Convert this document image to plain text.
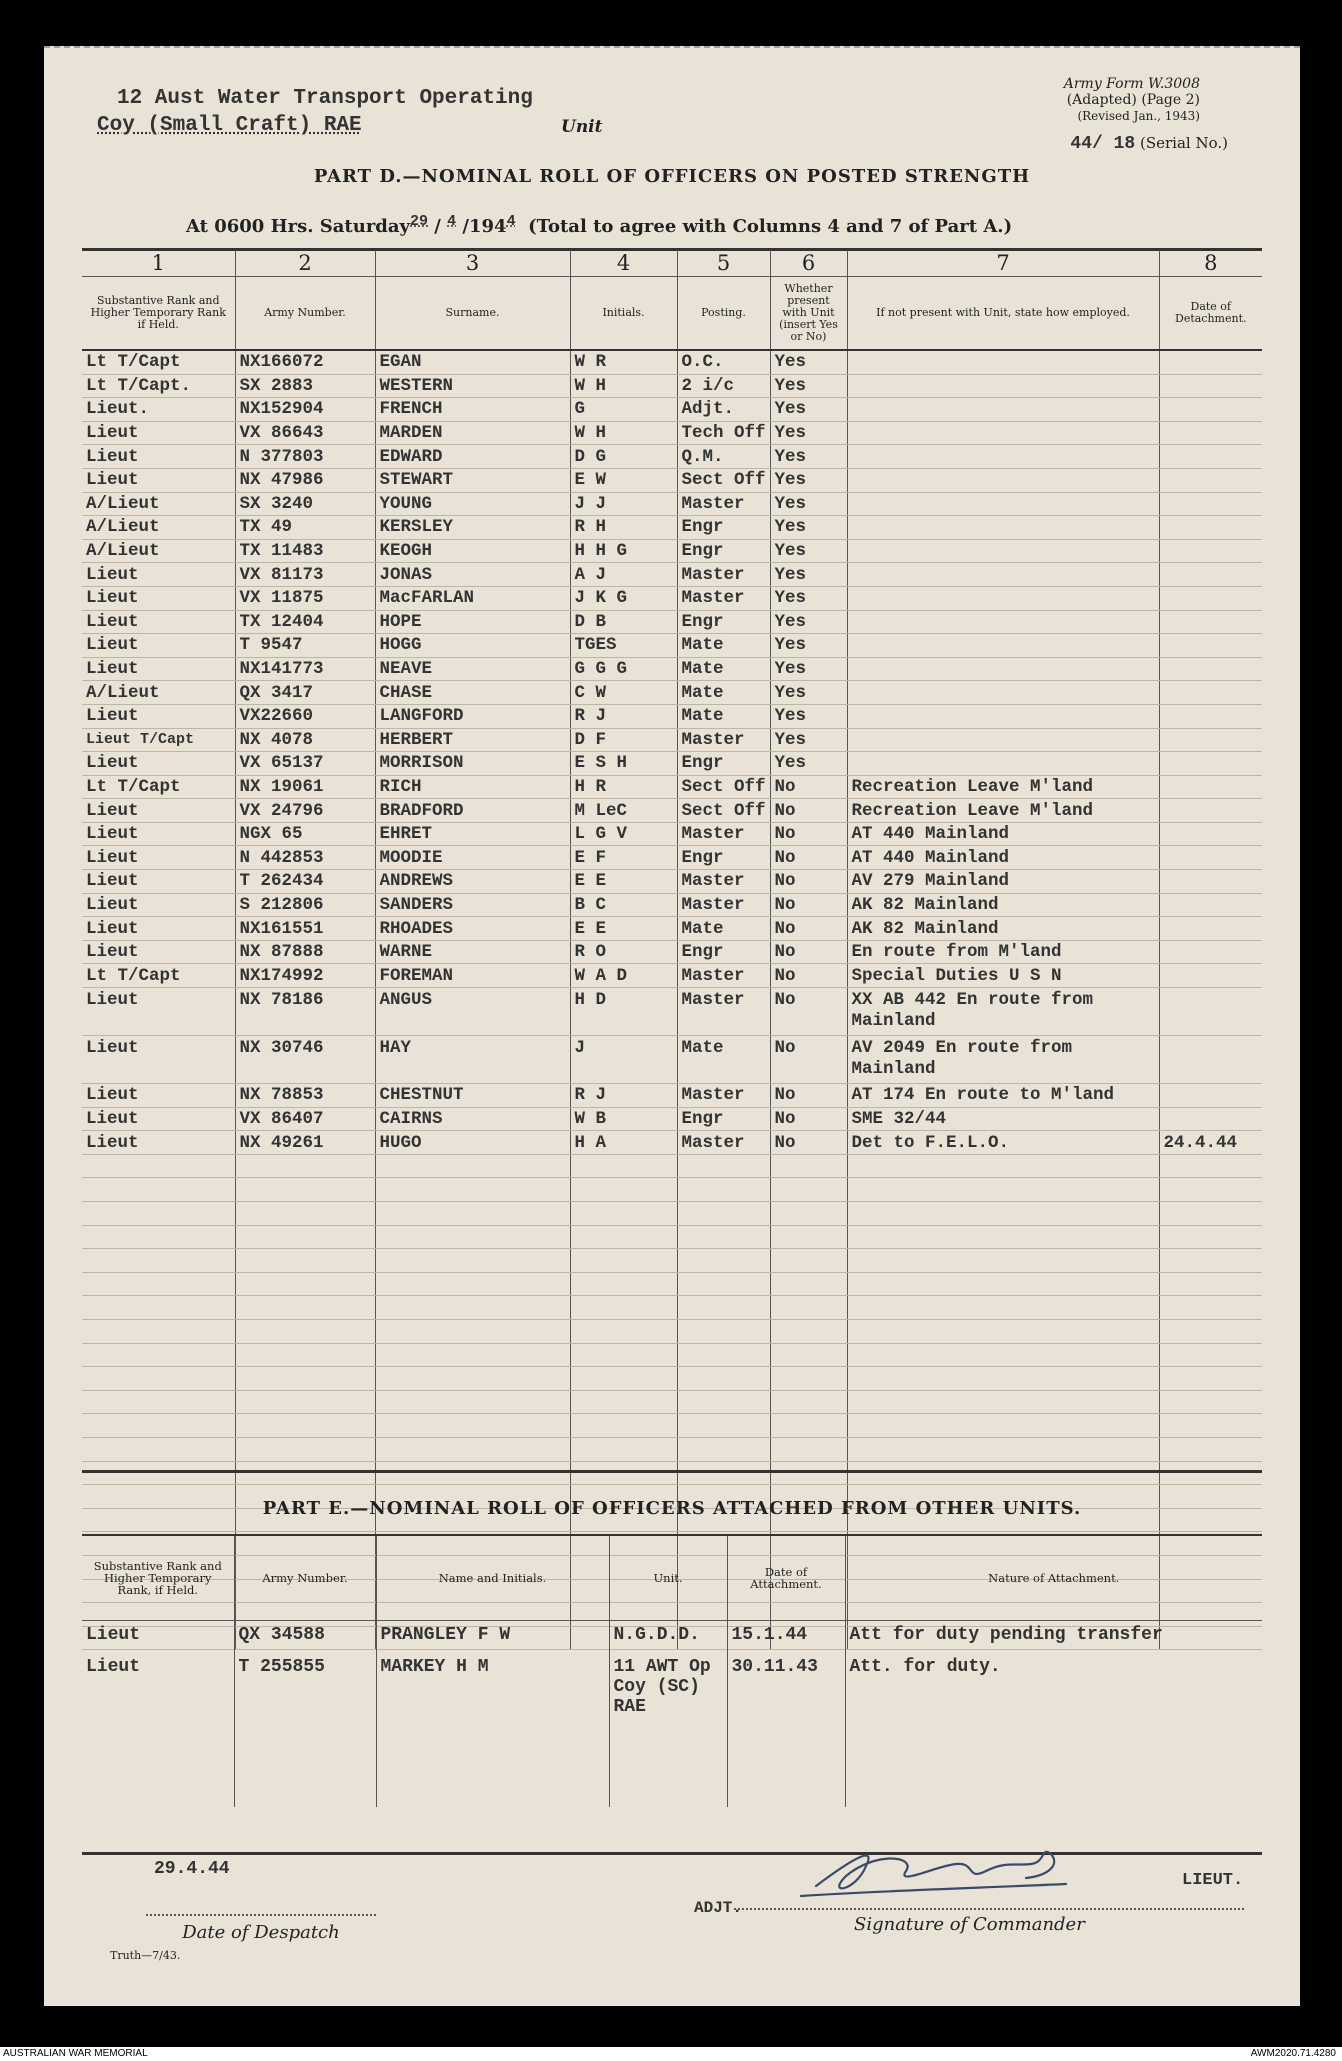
12 Aust Water Transport Operating
Coy (Small Craft) RAE	Unit
Army Form W.3008
(Adapted) (Page 2)
(Revised Jan., 1943)
44/ 18 (Serial No.)
PART D.—NOMINAL ROLL OF OFFICERS ON POSTED STRENGTH
At 0600 Hrs. Saturday$^{29}$ / $^4$ $/194^4$ (Total to agree with Columns 4 and 7 of Part A.)
1	2	3	4	5	6	7	8
Substantive Rank and Higher Temporary Rank if Held.	Army Number.	Surname.	Initials.	Posting.	Whether present with Unit (insert Yes or No)	If not present with Unit, state how employed.	Date of Detachment.
Lt T/Capt	NX166072	EGAN	W R	O.C.	Yes		
Lt T/Capt.	SX 2883	WESTERN	W H	2 i/c	Yes		
Lieut.	NX152904	FRENCH	G	Adjt.	Yes		
Lieut	VX 86643	MARDEN	W H	Tech Off	Yes		
Lieut	N 377803	EDWARD	D G	Q.M.	Yes		
Lieut	NX 47986	STEWART	E W	Sect Off	Yes		
A/Lieut	SX 3240	YOUNG	J J	Master	Yes		
A/Lieut	TX 49	KERSLEY	R H	Engr	Yes		
A/Lieut	TX 11483	KEOGH	H H G	Engr	Yes		
Lieut	VX 81173	JONAS	A J	Master	Yes		
Lieut	VX 11875	MacFARLAN	J K G	Master	Yes		
Lieut	TX 12404	HOPE	D B	Engr	Yes		
Lieut	T 9547	HOGG	TGES	Mate	Yes		
Lieut	NX141773	NEAVE	G G G	Mate	Yes		
A/Lieut	QX 3417	CHASE	C W	Mate	Yes		
Lieut	VX22660	LANGFORD	R J	Mate	Yes		
Lieut T/Capt	NX 4078	HERBERT	D F	Master	Yes		
Lieut	VX 65137	MORRISON	E S H	Engr	Yes		
Lt T/Capt	NX 19061	RICH	H R	Sect Off	No	Recreation Leave M'land	
Lieut	VX 24796	BRADFORD	M LeC	Sect Off	No	Recreation Leave M'land	
Lieut	NGX 65	EHRET	L G V	Master	No	AT 440 Mainland	
Lieut	N 442853	MOODIE	E F	Engr	No	AT 440 Mainland	
Lieut	T 262434	ANDREWS	E E	Master	No	AV 279 Mainland	
Lieut	S 212806	SANDERS	B C	Master	No	AK 82 Mainland	
Lieut	NX161551	RHOADES	E E	Mate	No	AK 82 Mainland	
Lieut	NX 87888	WARNE	R O	Engr	No	En route from M'land	
Lt T/Capt	NX174992	FOREMAN	W A D	Master	No	Special Duties U S N	
Lieut	NX 78186	ANGUS	H D	Master	No	XX AB 442 En route from Mainland	
Lieut	NX 30746	HAY	J	Mate	No	AV 2049 En route from Mainland	
Lieut	NX 78853	CHESTNUT	R J	Master	No	AT 174 En route to M'land	
Lieut	VX 86407	CAIRNS	W B	Engr	No	SME 32/44	
Lieut	NX 49261	HUGO	H A	Master	No	Det to F.E.L.O.	24.4.44

PART E.—NOMINAL ROLL OF OFFICERS ATTACHED FROM OTHER UNITS.
Substantive Rank and Higher Temporary Rank, if Held.	Army Number.	Name and Initials.	Unit.	Date of Attachment.	Nature of Attachment.
Lieut	QX 34588	PRANGLEY F W	N.G.D.D.	15.1.44	Att for duty pending transfer
Lieut	T 255855	MARKEY H M	11 AWT Op Coy (SC) RAE	30.11.43	Att. for duty.
29.4.44
Date of Despatch
ADJT.
Signature of Commander
LIEUT.
Truth—7/43.
AUSTRALIAN WAR MEMORIAL	AWM2020.71.4280
